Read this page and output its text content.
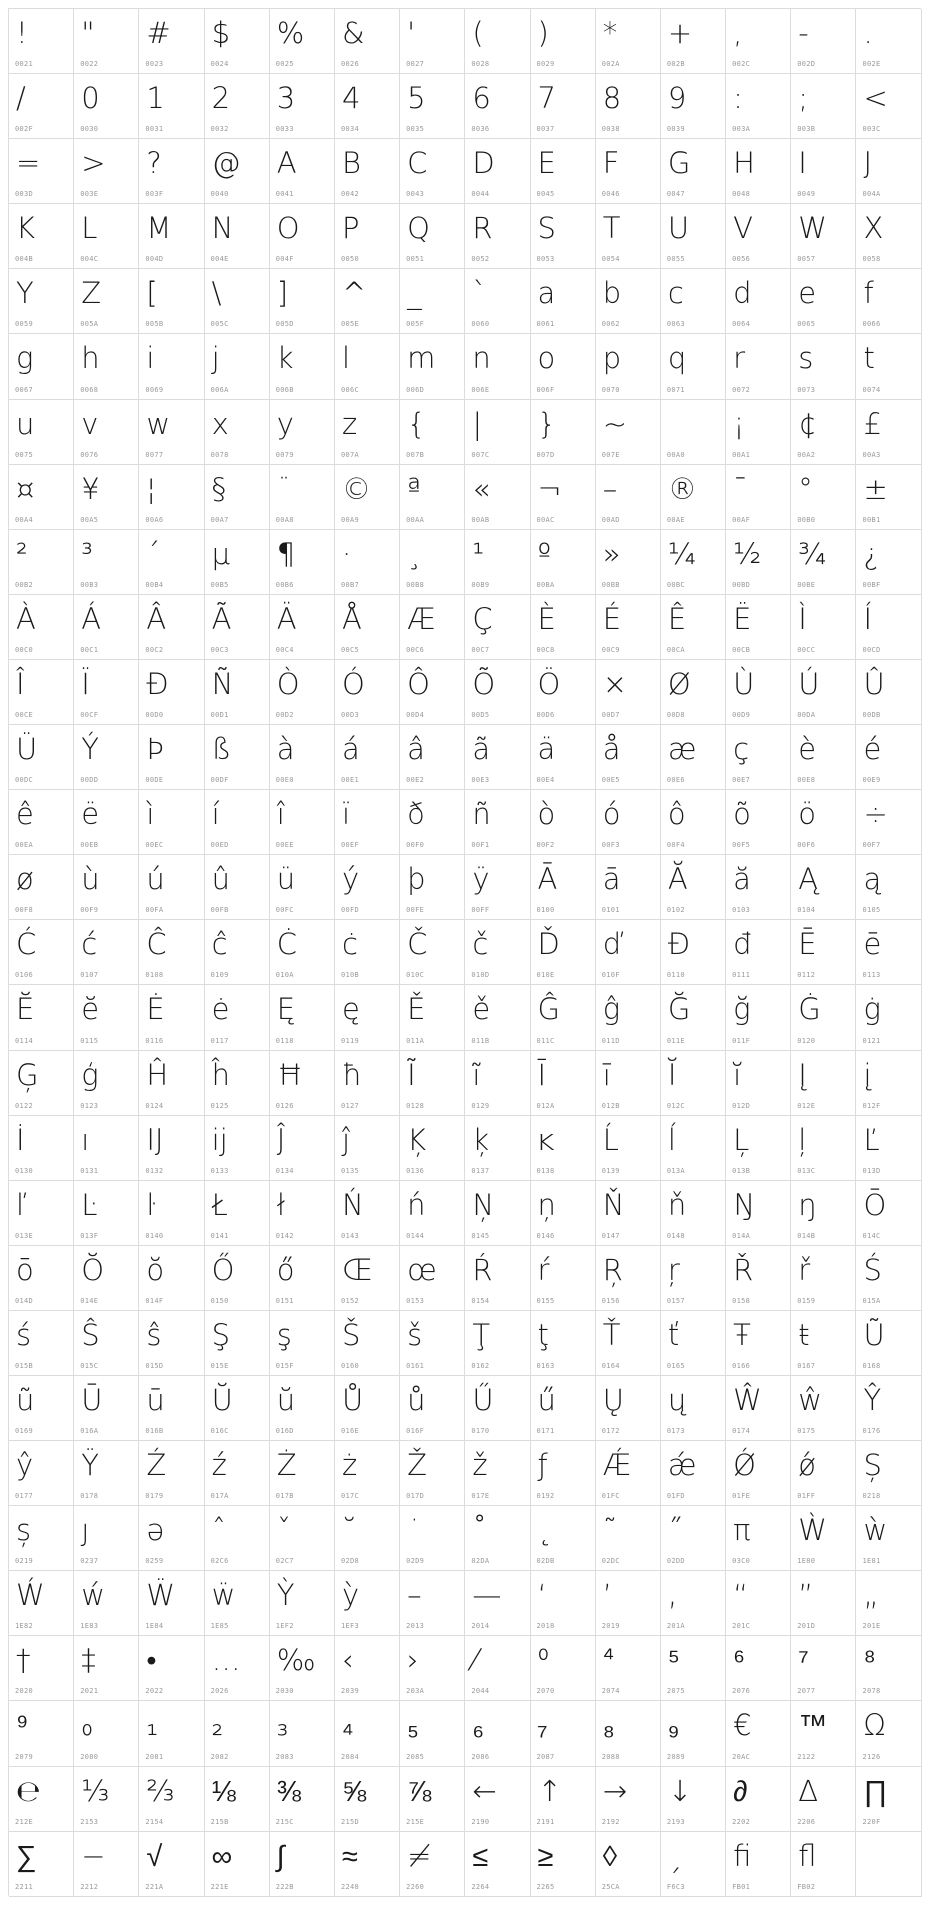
!
0021
"
0022
#
0023
$
0024
%
0025
&
0026
'
0027
(
0028
)
0029
*
002A
+
002B
,
002C
-
002D
.
002E
/
002F
0
0030
1
0031
2
0032
3
0033
4
0034
5
0035
6
0036
7
0037
8
0038
9
0039
:
003A
;
003B
<
003C
=
003D
>
003E
?
003F
@
0040
A
0041
B
0042
C
0043
D
0044
E
0045
F
0046
G
0047
H
0048
I
0049
J
004A
K
004B
L
004C
M
004D
N
004E
O
004F
P
0050
Q
0051
R
0052
S
0053
T
0054
U
0055
V
0056
W
0057
X
0058
Y
0059
Z
005A
[
005B
\
005C
]
005D
^
005E
_
005F
`
0060
a
0061
b
0062
c
0063
d
0064
e
0065
f
0066
g
0067
h
0068
i
0069
j
006A
k
006B
l
006C
m
006D
n
006E
o
006F
p
0070
q
0071
r
0072
s
0073
t
0074
u
0075
v
0076
w
0077
x
0078
y
0079
z
007A
{
007B
|
007C
}
007D
~
007E	00A0
¡
00A1
¢
00A2
£
00A3
¤
00A4
¥
00A5
¦
00A6
§
00A7
¨
00A8
©
00A9
ª
00AA
«
00AB
¬
00AC
–
00AD
®
00AE
¯
00AF
°
00B0
±
00B1
²
00B2
³
00B3
´
00B4
µ
00B5
¶
00B6
·
00B7
¸
00B8
¹
00B9
º
00BA
»
00BB
¼
00BC
½
00BD
¾
00BE
¿
00BF
À
00C0
Á
00C1
Â
00C2
Ã
00C3
Ä
00C4
Å
00C5
Æ
00C6
Ç
00C7
È
00C8
É
00C9
Ê
00CA
Ë
00CB
Ì
00CC
Í
00CD
Î
00CE
Ï
00CF
Ð
00D0
Ñ
00D1
Ò
00D2
Ó
00D3
Ô
00D4
Õ
00D5
Ö
00D6
×
00D7
Ø
00D8
Ù
00D9
Ú
00DA
Û
00DB
Ü
00DC
Ý
00DD
Þ
00DE
ß
00DF
à
00E0
á
00E1
â
00E2
ã
00E3
ä
00E4
å
00E5
æ
00E6
ç
00E7
è
00E8
é
00E9
ê
00EA
ë
00EB
ì
00EC
í
00ED
î
00EE
ï
00EF
ð
00F0
ñ
00F1
ò
00F2
ó
00F3
ô
00F4
õ
00F5
ö
00F6
÷
00F7
ø
00F8
ù
00F9
ú
00FA
û
00FB
ü
00FC
ý
00FD
þ
00FE
ÿ
00FF
Ā
0100
ā
0101
Ă
0102
ă
0103
Ą
0104
ą
0105
Ć
0106
ć
0107
Ĉ
0108
ĉ
0109
Ċ
010A
ċ
010B
Č
010C
č
010D
Ď
010E
ď
010F
Đ
0110
đ
0111
Ē
0112
ē
0113
Ĕ
0114
ĕ
0115
Ė
0116
ė
0117
Ę
0118
ę
0119
Ě
011A
ě
011B
Ĝ
011C
ĝ
011D
Ğ
011E
ğ
011F
Ġ
0120
ġ
0121
Ģ
0122
ģ
0123
Ĥ
0124
ĥ
0125
Ħ
0126
ħ
0127
Ĩ
0128
ĩ
0129
Ī
012A
ī
012B
Ĭ
012C
ĭ
012D
Į
012E
į
012F
İ
0130
ı
0131
Ĳ
0132
ĳ
0133
Ĵ
0134
ĵ
0135
Ķ
0136
ķ
0137
ĸ
0138
Ĺ
0139
ĺ
013A
Ļ
013B
ļ
013C
Ľ
013D
ľ
013E
Ŀ
013F
ŀ
0140
Ł
0141
ł
0142
Ń
0143
ń
0144
Ņ
0145
ņ
0146
Ň
0147
ň
0148
Ŋ
014A
ŋ
014B
Ō
014C
ō
014D
Ŏ
014E
ŏ
014F
Ő
0150
ő
0151
Œ
0152
œ
0153
Ŕ
0154
ŕ
0155
Ŗ
0156
ŗ
0157
Ř
0158
ř
0159
Ś
015A
ś
015B
Ŝ
015C
ŝ
015D
Ş
015E
ş
015F
Š
0160
š
0161
Ţ
0162
ţ
0163
Ť
0164
ť
0165
Ŧ
0166
ŧ
0167
Ũ
0168
ũ
0169
Ū
016A
ū
016B
Ŭ
016C
ŭ
016D
Ů
016E
ů
016F
Ű
0170
ű
0171
Ų
0172
ų
0173
Ŵ
0174
ŵ
0175
Ŷ
0176
ŷ
0177
Ÿ
0178
Ź
0179
ź
017A
Ż
017B
ż
017C
Ž
017D
ž
017E
ƒ
0192
Ǽ
01FC
ǽ
01FD
Ǿ
01FE
ǿ
01FF
Ș
0218
ș
0219
ȷ
0237
ə
0259
ˆ
02C6
ˇ
02C7
˘
02D8
˙
02D9
˚
02DA
˛
02DB
˜
02DC
˝
02DD
π
03C0
Ẁ
1E80
ẁ
1E81
Ẃ
1E82
ẃ
1E83
Ẅ
1E84
ẅ
1E85
Ỳ
1EF2
ỳ
1EF3
–
2013
—
2014
‘
2018
’
2019
‚
201A
“
201C
”
201D
„
201E
†
2020
‡
2021
•
2022
…
2026
‰
2030
‹
2039
›
203A
⁄
2044
⁰
2070
⁴
2074
⁵
2075
⁶
2076
⁷
2077
⁸
2078
⁹
2079
₀
2080
₁
2081
₂
2082
₃
2083
₄
2084
₅
2085
₆
2086
₇
2087
₈
2088
₉
2089
€
20AC
™
2122
Ω
2126
℮
212E
⅓
2153
⅔
2154
⅛
215B
⅜
215C
⅝
215D
⅞
215E
←
2190
↑
2191
→
2192
↓
2193
∂
2202
∆
2206
∏
220F
∑
2211
−
2212
√
221A
∞
221E
∫
222B
≈
2248
≠
2260
≤
2264
≥
2265
◊
25CA
ˏ
F6C3
ﬁ
FB01
ﬂ
FB02
